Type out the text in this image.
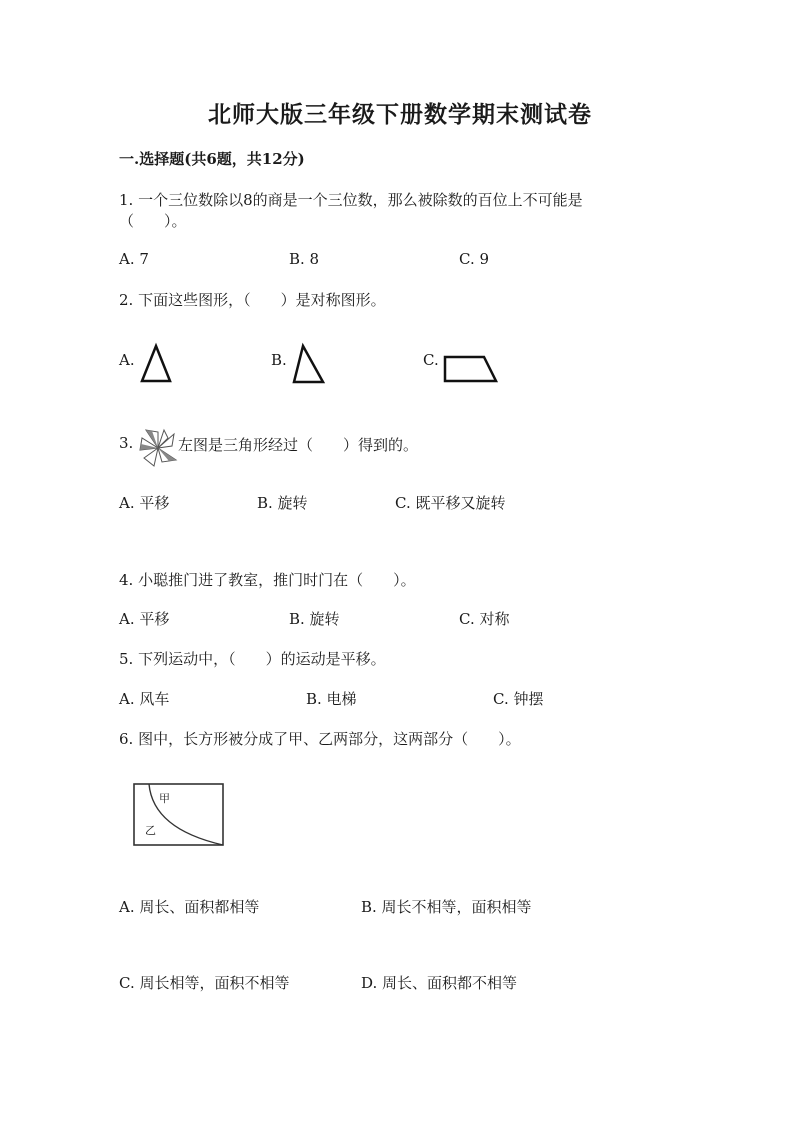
北师大版三年级下册数学期末测试卷
一.选择题(共6题，共12分)
1. 一个三位数除以8的商是一个三位数，那么被除数的百位上不可能是
（　　）。
A. 7	B. 8	C. 9
2. 下面这些图形，（　　）是对称图形。
A.	B.	C.
3.	左图是三角形经过（　　）得到的。
A. 平移	B. 旋转	C. 既平移又旋转
4. 小聪推门进了教室，推门时门在（　　）。
A. 平移	B. 旋转	C. 对称
5. 下列运动中，（　　）的运动是平移。
A. 风车	B. 电梯	C. 钟摆
6. 图中，长方形被分成了甲、乙两部分，这两部分（　　）。
甲
乙
A. 周长、面积都相等	B. 周长不相等，面积相等
C. 周长相等，面积不相等	D. 周长、面积都不相等
